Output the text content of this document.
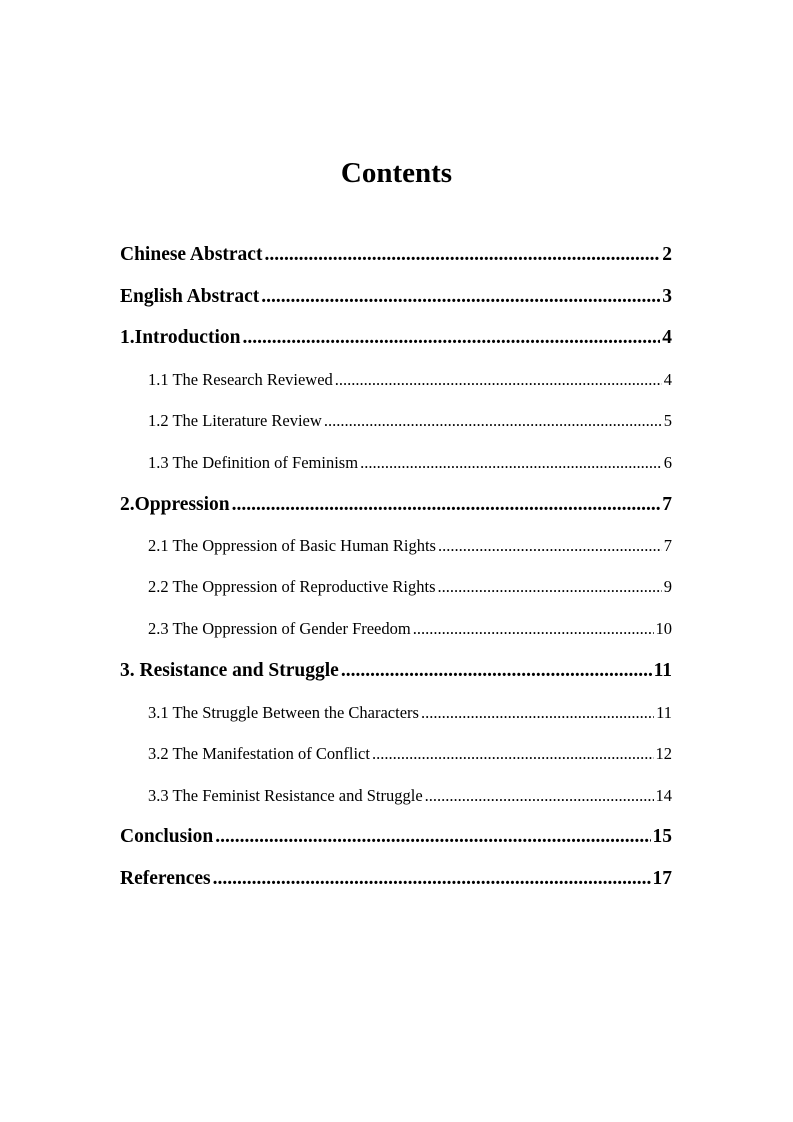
Contents
Chinese Abstract .....	2
English Abstract .....	3
1.Introduction .....	4
1.1 The Research Reviewed .....	4
1.2 The Literature Review .....	5
1.3 The Definition of Feminism .....	6
2.Oppression .....	7
2.1 The Oppression of Basic Human Rights .....	7
2.2 The Oppression of Reproductive Rights .....	9
2.3 The Oppression of Gender Freedom .....	10
3. Resistance and Struggle .....	11
3.1 The Struggle Between the Characters .....	11
3.2 The Manifestation of Conflict .....	12
3.3 The Feminist Resistance and Struggle .....	14
Conclusion .....	15
References .....	17
